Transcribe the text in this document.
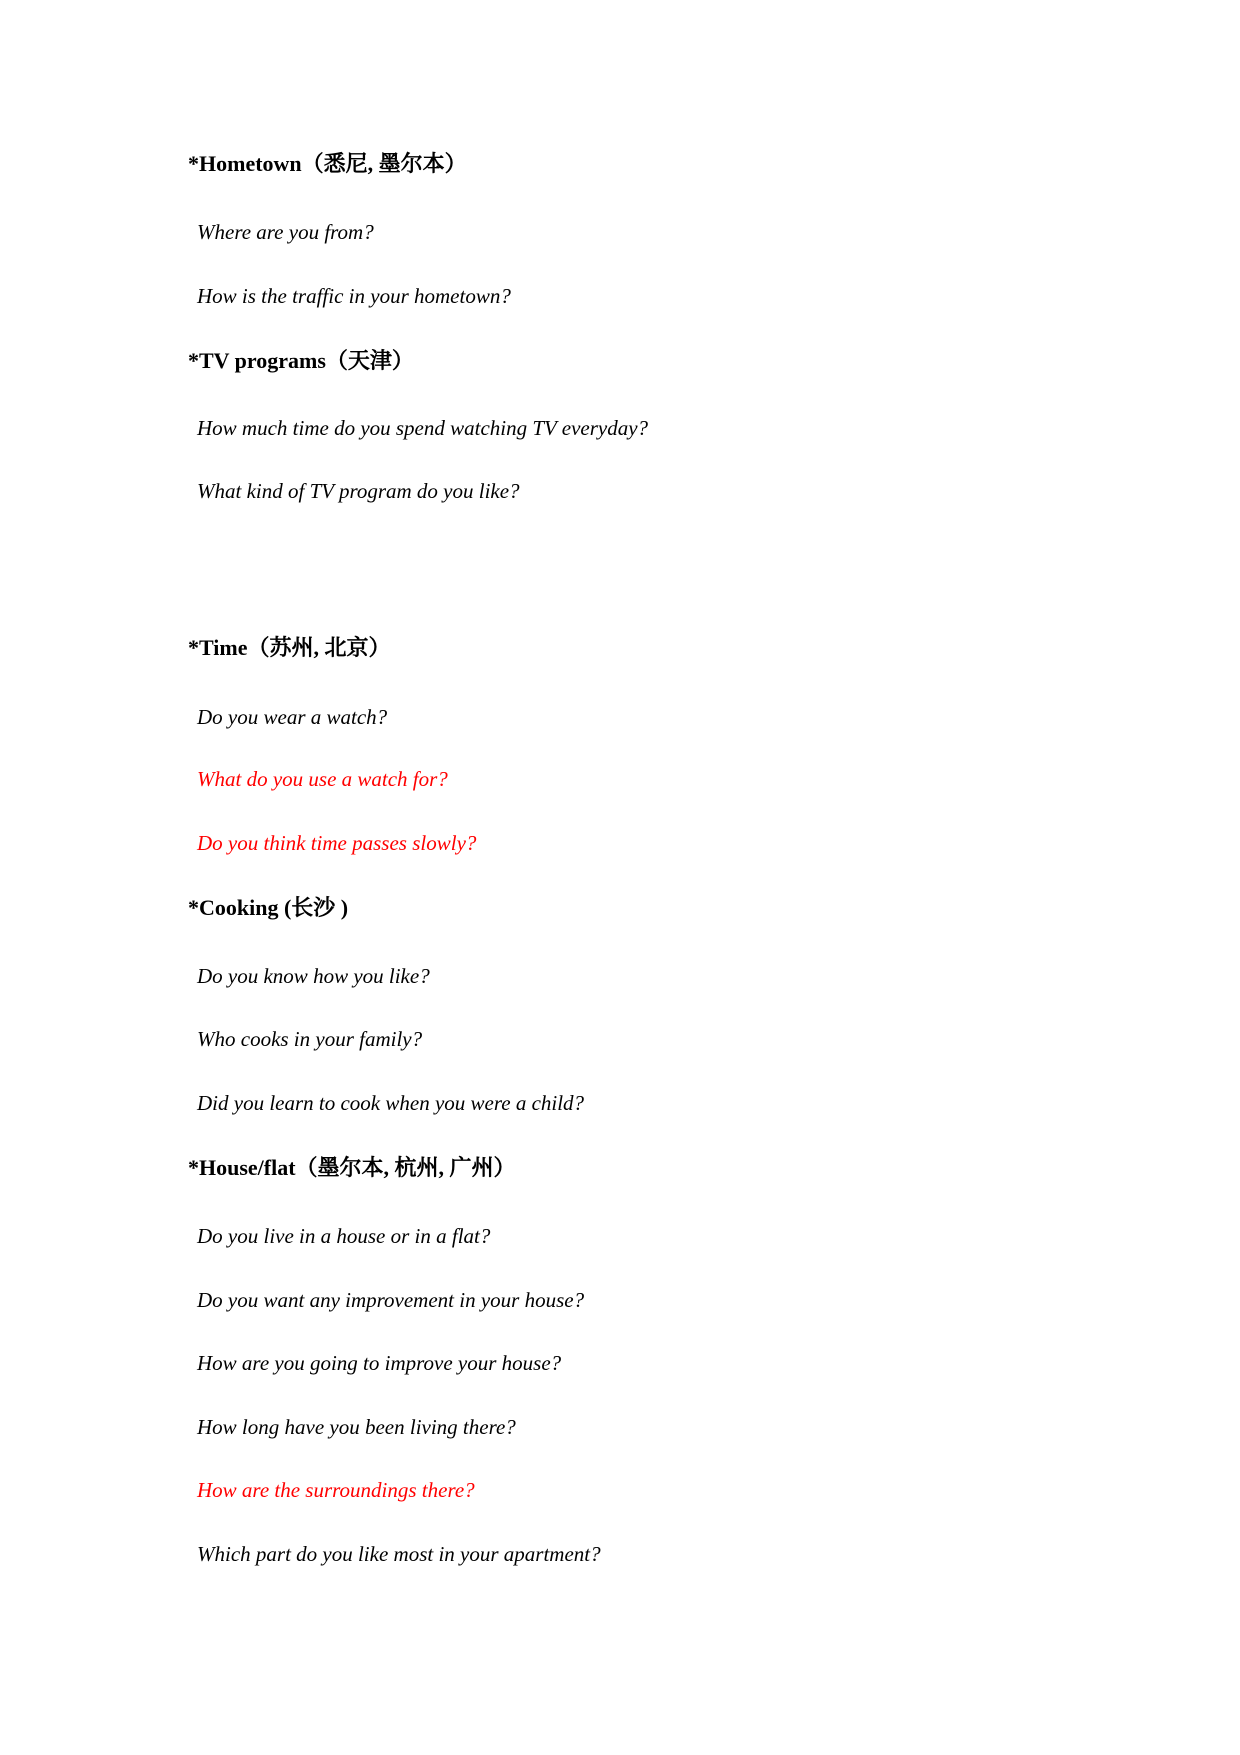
*Hometown（悉尼, 墨尔本）
Where are you from?
How is the traffic in your hometown?
*TV programs（天津）
How much time do you spend watching TV everyday?
What kind of TV program do you like?
*Time（苏州, 北京）
Do you wear a watch?
What do you use a watch for?
Do you think time passes slowly?
*Cooking (长沙 )
Do you know how you like?
Who cooks in your family?
Did you learn to cook when you were a child?
*House/flat（墨尔本, 杭州, 广州）
Do you live in a house or in a flat?
Do you want any improvement in your house?
How are you going to improve your house?
How long have you been living there?
How are the surroundings there?
Which part do you like most in your apartment?
